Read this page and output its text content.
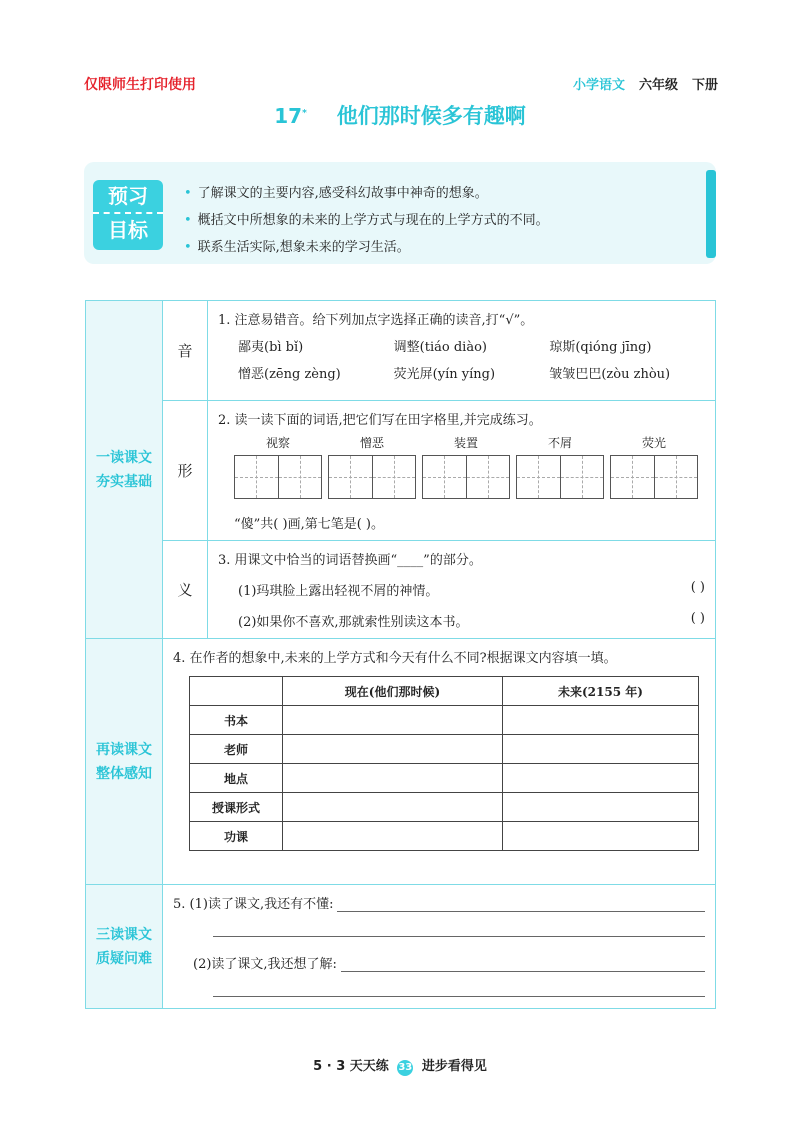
仅限师生打印使用	小学语文 六年级 下册
17* 他们那时候多有趣啊
预习
目标
• 了解课文的主要内容,感受科幻故事中神奇的想象。
• 概括文中所想象的未来的上学方式与现在的上学方式的不同。
• 联系生活实际,想象未来的学习生活。
一读课文
夯实基础
	音	
1. 注意易错音。给下列加点字选择正确的读音,打“√”。
鄙夷(bì bǐ)	调整(tiáo diào)	琼斯(qióng jīng)
憎恶(zēng zèng)	荧光屏(yín yíng)	皱皱巴巴(zòu zhòu)

形	
2. 读一读下面的词语,把它们写在田字格里,并完成练习。
视察	憎恶	装置	不屑	荧光
“傻”共( )画,第七笔是( )。

义	
3. 用课文中恰当的词语替换画“____”的部分。
(1)玛琪脸上露出轻视不屑的神情。	( )
(2)如果你不喜欢,那就索性别读这本书。	( )

再读课文
整体感知

4. 在作者的想象中,未来的上学方式和今天有什么不同?根据课文内容填一填。
	现在(他们那时候)	未来(2155 年)
书本		
老师		
地点		
授课形式		
功课		

三读课文
质疑问难

5. (1)读了课文,我还有不懂:
(2)读了课文,我还想了解:
5 · 3 天天练 33 进步看得见
